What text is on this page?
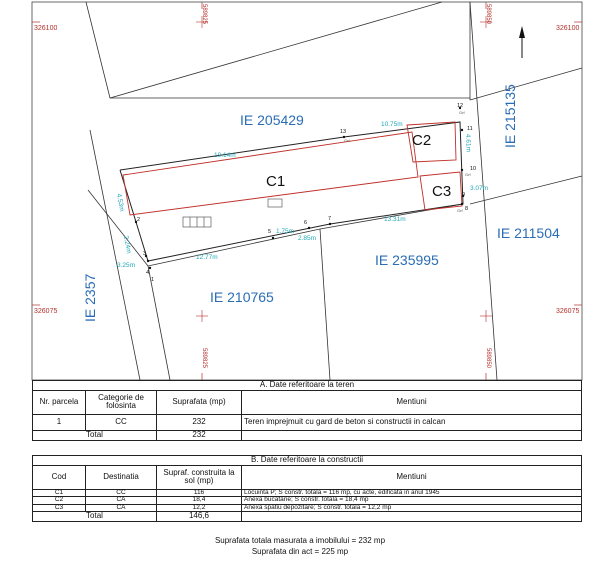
326100	326100
326075	326075
589825	589850
589825	589850
IE 205429	IE 215135
IE 235995
IE 211504
IE 210765
IE 2357
C1
C2
C3
10.75m
19.14m
3.07m
12.77m
13.31m
1.75m
2.85m
3.25m
4.53m
2.24m
4.61m
1
2
3
4
5
6
7
8
9
10
11
12
13
Grf
Grf
Grf
Grf
A. Date referitoare la teren			
Nr. parcela	Categorie de folosinta	Suprafata (mp)	Mentiuni
1	CC	232	Teren imprejmuit cu gard de beton si constructii in calcan
Total		232	
B. Date referitoare la constructii			
Cod	Destinatia	Supraf. construita la sol (mp)	Mentiuni
C1	CC	116	Locuinta P; S constr. totala = 116 mp, cu acte, edificata in anul 1945
C2	CA	18,4	Anexa bucatarie; S constr. totala = 18,4 mp
C3	CA	12,2	Anexa spatiu depozitare; S constr. totala = 12,2 mp
Total		146,6	
Suprafata totala masurata a imobilului = 232 mp
Suprafata din act = 225 mp
